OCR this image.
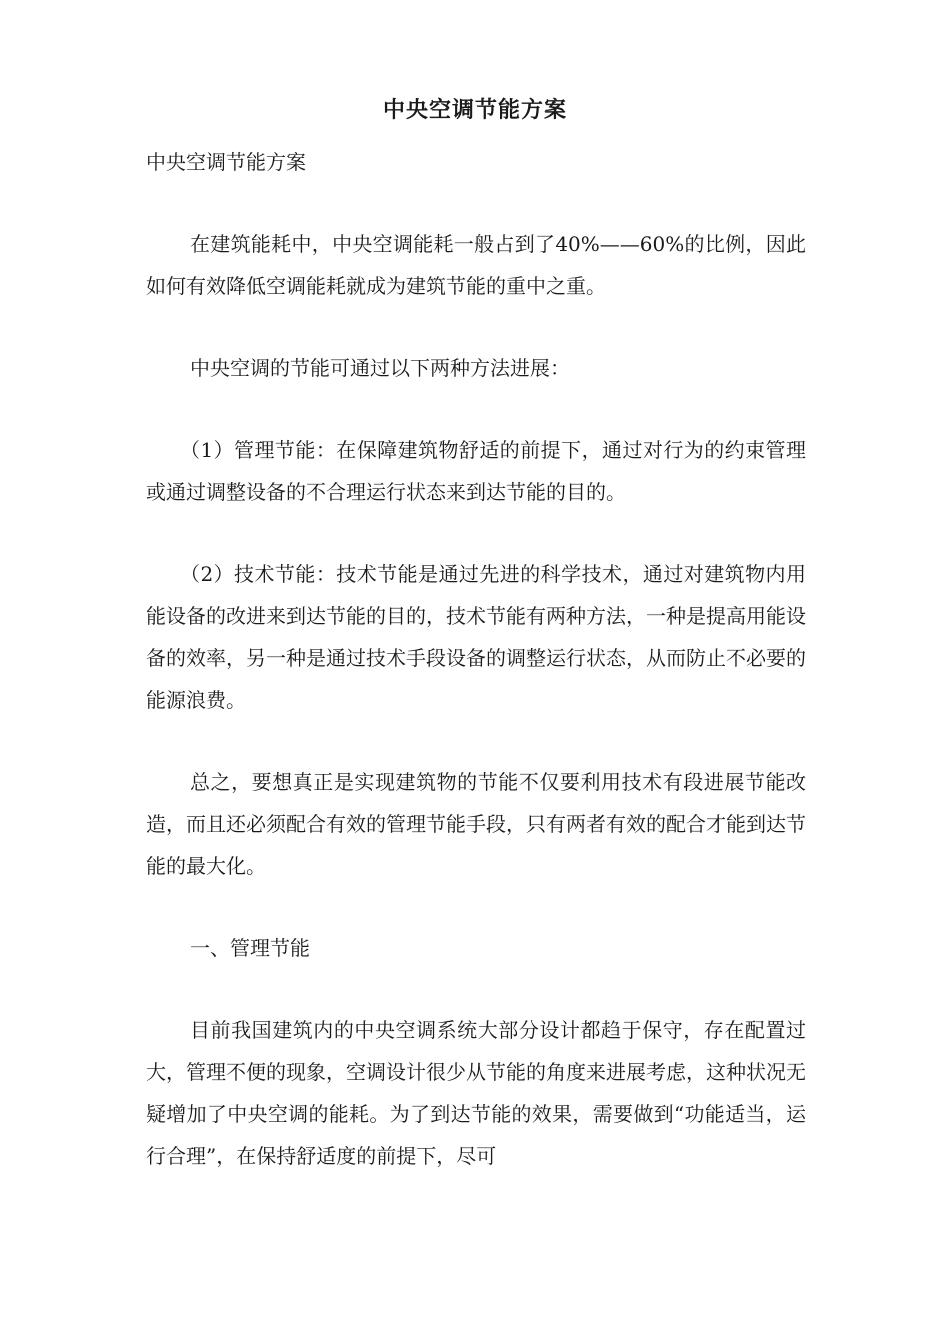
中央空调节能方案

中央空调节能方案

在建筑能耗中，中央空调能耗一般占到了40%——60%的比例，因此如何有效降低空调能耗就成为建筑节能的重中之重。

中央空调的节能可通过以下两种方法进展：

（1）管理节能：在保障建筑物舒适的前提下，通过对行为的约束管理或通过调整设备的不合理运行状态来到达节能的目的。

（2）技术节能：技术节能是通过先进的科学技术，通过对建筑物内用能设备的改进来到达节能的目的，技术节能有两种方法，一种是提高用能设备的效率，另一种是通过技术手段设备的调整运行状态，从而防止不必要的能源浪费。

总之，要想真正是实现建筑物的节能不仅要利用技术有段进展节能改造，而且还必须配合有效的管理节能手段，只有两者有效的配合才能到达节能的最大化。

一、管理节能

目前我国建筑内的中央空调系统大部分设计都趋于保守，存在配置过大，管理不便的现象，空调设计很少从节能的角度来进展考虑，这种状况无疑增加了中央空调的能耗。为了到达节能的效果，需要做到“功能适当，运行合理”，在保持舒适度的前提下，尽可
